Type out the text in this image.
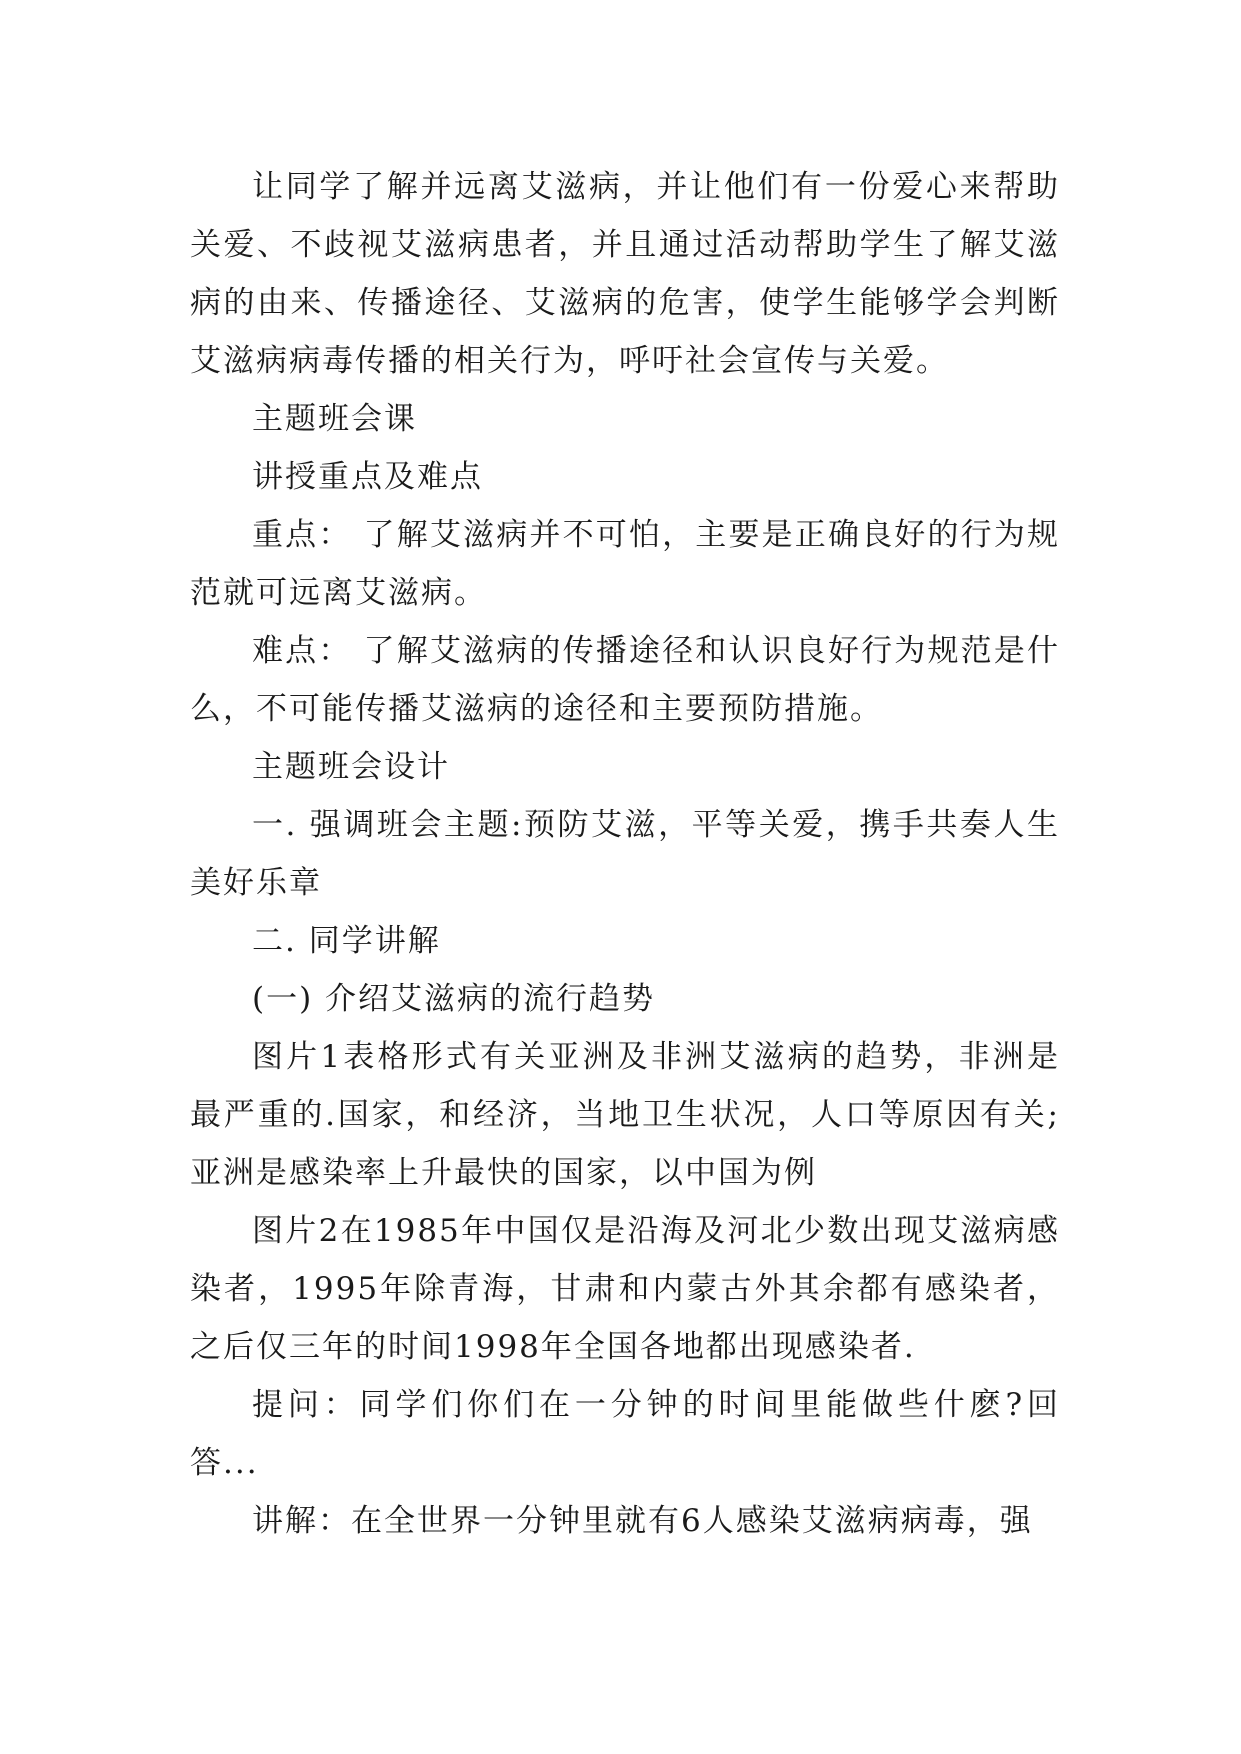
让同学了解并远离艾滋病，并让他们有一份爱心来帮助关爱、不歧视艾滋病患者，并且通过活动帮助学生了解艾滋病的由来、传播途径、艾滋病的危害，使学生能够学会判断艾滋病病毒传播的相关行为，呼吁社会宣传与关爱。

主题班会课

讲授重点及难点

重点： 了解艾滋病并不可怕，主要是正确良好的行为规范就可远离艾滋病。

难点： 了解艾滋病的传播途径和认识良好行为规范是什么，不可能传播艾滋病的途径和主要预防措施。

主题班会设计

一. 强调班会主题:预防艾滋，平等关爱，携手共奏人生美好乐章

二. 同学讲解

(一) 介绍艾滋病的流行趋势

图片1表格形式有关亚洲及非洲艾滋病的趋势，非洲是最严重的.国家，和经济，当地卫生状况，人口等原因有关;亚洲是感染率上升最快的国家，以中国为例

图片2在1985年中国仅是沿海及河北少数出现艾滋病感染者，1995年除青海，甘肃和内蒙古外其余都有感染者，之后仅三年的时间1998年全国各地都出现感染者.

提问：同学们你们在一分钟的时间里能做些什麽?回答...

讲解：在全世界一分钟里就有6人感染艾滋病病毒，强
